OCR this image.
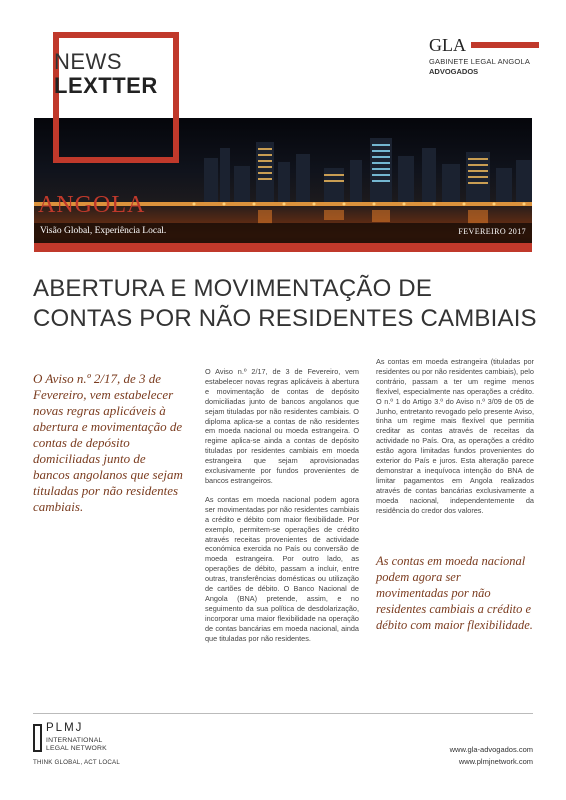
NEWS
LEXTTER
GLA
GABINETE LEGAL ANGOLA
ADVOGADOS
ANGOLA
Visão Global, Experiência Local.	FEVEREIRO 2017
ABERTURA E MOVIMENTAÇÃO DE
CONTAS POR NÃO RESIDENTES CAMBIAIS
O Aviso n.º 2/17, de 3 de Fevereiro, vem estabelecer novas regras aplicáveis à abertura e movimentação de contas de depósito domiciliadas junto de bancos angolanos que sejam tituladas por não residentes cambiais.

O Aviso n.º 2/17, de 3 de Fevereiro, vem estabelecer novas regras aplicáveis à abertura e movimentação de contas de depósito domiciliadas junto de bancos angolanos que sejam tituladas por não residentes cambiais. O diploma aplica-se a contas de não residentes em moeda nacional ou moeda estrangeira. O regime aplica-se ainda a contas de depósito tituladas por residentes cambiais em moeda estrangeira que sejam aprovisionadas exclusivamente por fundos provenientes de bancos estrangeiros.

As contas em moeda nacional podem agora ser movimentadas por não residentes cambiais a crédito e débito com maior flexibilidade. Por exemplo, permitem-se operações de crédito através receitas provenientes de actividade económica exercida no País ou conversão de moeda estrangeira. Por outro lado, as operações de débito, passam a incluir, entre outras, transferências domésticas ou utilização de cartões de débito. O Banco Nacional de Angola (BNA) pretende, assim, e no seguimento da sua política de desdolarização, incorporar uma maior flexibilidade na operação de contas bancárias em moeda nacional, ainda que tituladas por não residentes.

As contas em moeda estrangeira (tituladas por residentes ou por não residentes cambiais), pelo contrário, passam a ter um regime menos flexível, especialmente nas operações a crédito. O n.º 1 do Artigo 3.º do Aviso n.º 3/09 de 05 de Junho, entretanto revogado pelo presente Aviso, tinha um regime mais flexível que permitia creditar as contas através de receitas da actividade no País. Ora, as operações a crédito estão agora limitadas fundos provenientes do exterior do País e juros. Esta alteração parece demonstrar a inequívoca intenção do BNA de limitar pagamentos em Angola realizados através de contas bancárias exclusivamente a moeda nacional, independentemente da residência do credor dos valores.

As contas em moeda nacional podem agora ser movimentadas por não residentes cambiais a crédito e débito com maior flexibilidade.
PLMJ
INTERNATIONAL
LEGAL NETWORK
THINK GLOBAL, ACT LOCAL
www.gla-advogados.com
www.plmjnetwork.com
